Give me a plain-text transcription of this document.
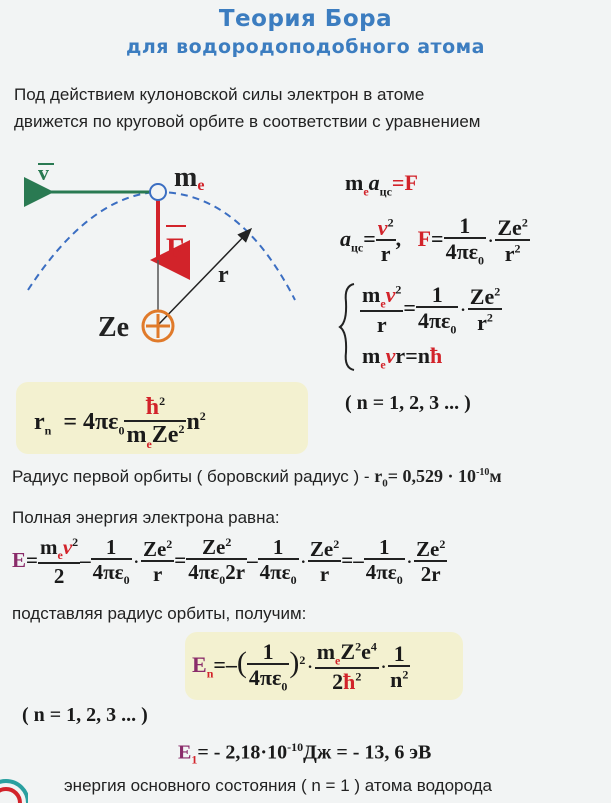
Теория Бора
для водородоподобного атома
Под действием кулоновской силы электрон в атоме
движется по круговой орбите в соответствии с уравнением
v	me
F
r
Ze
$m_ea_{цс}=F$
$a_{цс}= \frac{v^2}{r}$ ,   $F= \frac{1}{4\pi\varepsilon_0} \cdot \frac{Ze^2}{r^2}$
$\frac{m_ev^2}{r} = \frac{1}{4\pi\varepsilon_0} \cdot \frac{Ze^2}{r^2}$
$m_evr=nħ$
( n = 1, 2, 3 ... )
$r_n = 4\pi\varepsilon_0 \frac{ħ^2}{m_eZe^2} n^2$
Радиус первой орбиты ( боровский радиус ) - $r_0= 0,529 \cdot 10^{-10}м$
Полная энергия электрона равна:
$E= \frac{m_ev^2}{2} - \frac{1}{4\pi\varepsilon_0} \cdot \frac{Ze^2}{r} = \frac{Ze^2}{4\pi\varepsilon_02r} - \frac{1}{4\pi\varepsilon_0} \cdot \frac{Ze^2}{r} =- \frac{1}{4\pi\varepsilon_0} \cdot \frac{Ze^2}{2r}$
подставляя радиус орбиты, получим:
$E_n=-( \frac{1}{4\pi\varepsilon_0} )^2 \cdot \frac{m_eZ^2e^4}{2ħ^2} \cdot \frac{1}{n^2}$
( n = 1, 2, 3 ... )
$E_1= - 2,18\cdot 10^{-10}Дж$ = - 13, 6 эВ
энергия основного состояния ( n = 1 ) атома водорода
